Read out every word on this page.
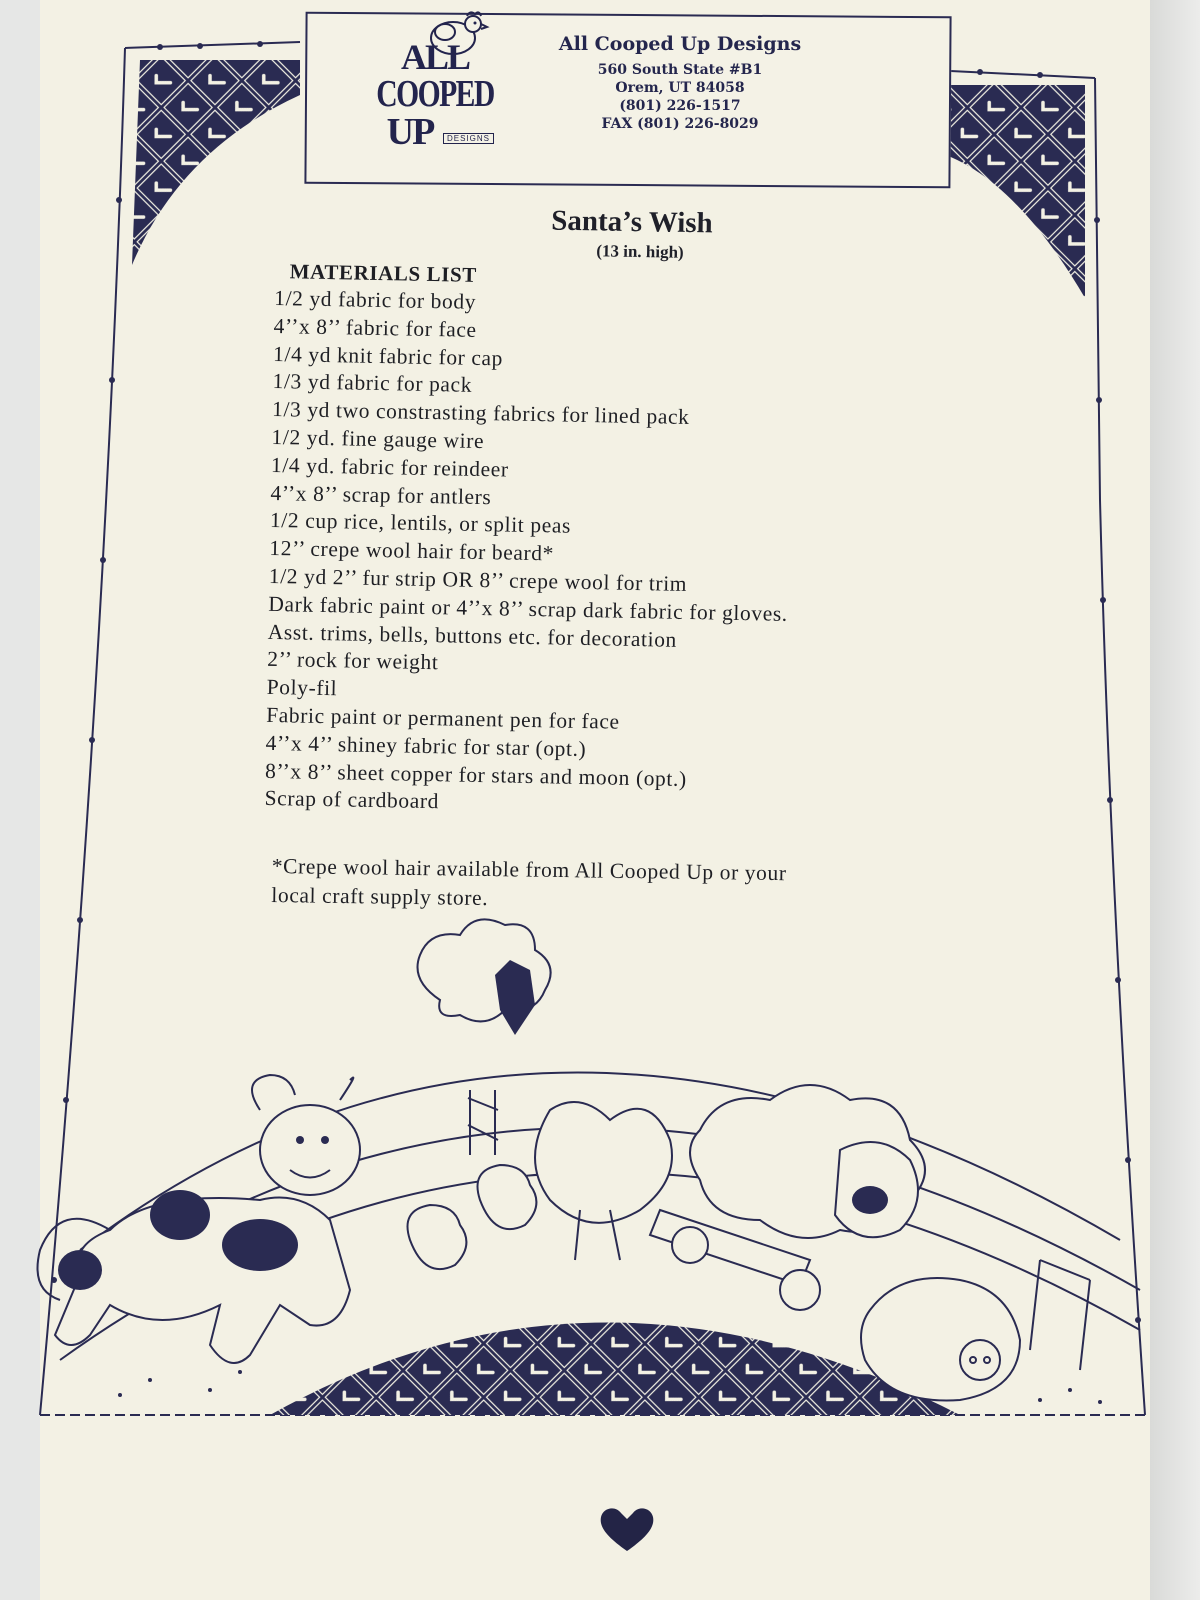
ALL
COOPED
UP	DESIGNS
All Cooped Up Designs
560 South State #B1
Orem, UT 84058
(801) 226-1517
FAX (801) 226-8029
Santa’s Wish
(13 in. high)
MATERIALS LIST
1/2 yd fabric for body
4’’x 8’’ fabric for face
1/4 yd knit fabric for cap
1/3 yd fabric for pack
1/3 yd two constrasting fabrics for lined pack
1/2 yd. fine gauge wire
1/4 yd. fabric for reindeer
4’’x 8’’ scrap for antlers
1/2 cup rice, lentils, or split peas
12’’ crepe wool hair for beard*
1/2 yd 2’’ fur strip OR 8’’ crepe wool for trim
Dark fabric paint or 4’’x 8’’ scrap dark fabric for gloves.
Asst. trims, bells, buttons etc. for decoration
2’’ rock for weight
Poly-fil
Fabric paint or permanent pen for face
4’’x 4’’ shiney fabric for star (opt.)
8’’x 8’’ sheet copper for stars and moon (opt.)
Scrap of cardboard
*Crepe wool hair available from All Cooped Up or your
local craft supply store.
